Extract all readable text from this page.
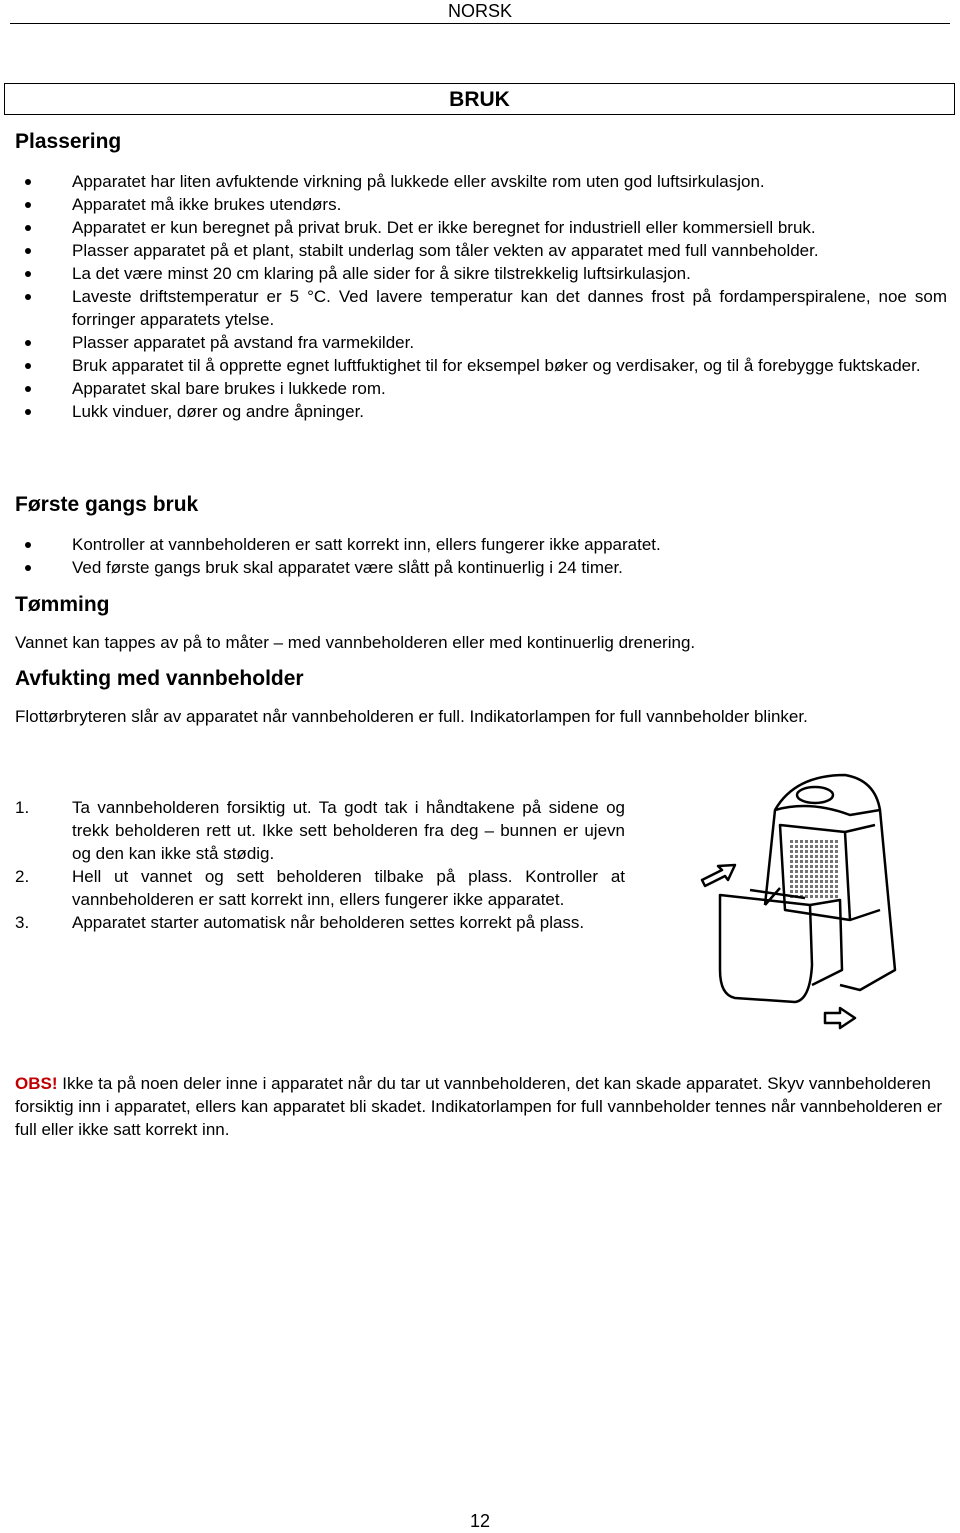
NORSK
BRUK
Plassering
Apparatet har liten avfuktende virkning på lukkede eller avskilte rom uten god luftsirkulasjon.
Apparatet må ikke brukes utendørs.
Apparatet er kun beregnet på privat bruk. Det er ikke beregnet for industriell eller kommersiell bruk.
Plasser apparatet på et plant, stabilt underlag som tåler vekten av apparatet med full vannbeholder.
La det være minst 20 cm klaring på alle sider for å sikre tilstrekkelig luftsirkulasjon.
Laveste driftstemperatur er 5 °C. Ved lavere temperatur kan det dannes frost på fordamperspiralene, noe som forringer apparatets ytelse.
Plasser apparatet på avstand fra varmekilder.
Bruk apparatet til å opprette egnet luftfuktighet til for eksempel bøker og verdisaker, og til å forebygge fuktskader.
Apparatet skal bare brukes i lukkede rom.
Lukk vinduer, dører og andre åpninger.
Første gangs bruk
Kontroller at vannbeholderen er satt korrekt inn, ellers fungerer ikke apparatet.
Ved første gangs bruk skal apparatet være slått på kontinuerlig i 24 timer.
Tømming

Vannet kan tappes av på to måter – med vannbeholderen eller med kontinuerlig drenering.

Avfukting med vannbeholder

Flottørbryteren slår av apparatet når vannbeholderen er full. Indikatorlampen for full vannbeholder blinker.

1.	Ta vannbeholderen forsiktig ut. Ta godt tak i håndtakene på sidene og trekk beholderen rett ut. Ikke sett beholderen fra deg – bunnen er ujevn og den kan ikke stå stødig.
2.	Hell ut vannet og sett beholderen tilbake på plass. Kontroller at vannbeholderen er satt korrekt inn, ellers fungerer ikke apparatet.
3.	Apparatet starter automatisk når beholderen settes korrekt på plass.

OBS! Ikke ta på noen deler inne i apparatet når du tar ut vannbeholderen, det kan skade apparatet. Skyv vannbeholderen forsiktig inn i apparatet, ellers kan apparatet bli skadet. Indikatorlampen for full vannbeholder tennes når vannbeholderen er full eller ikke satt korrekt inn.

12
